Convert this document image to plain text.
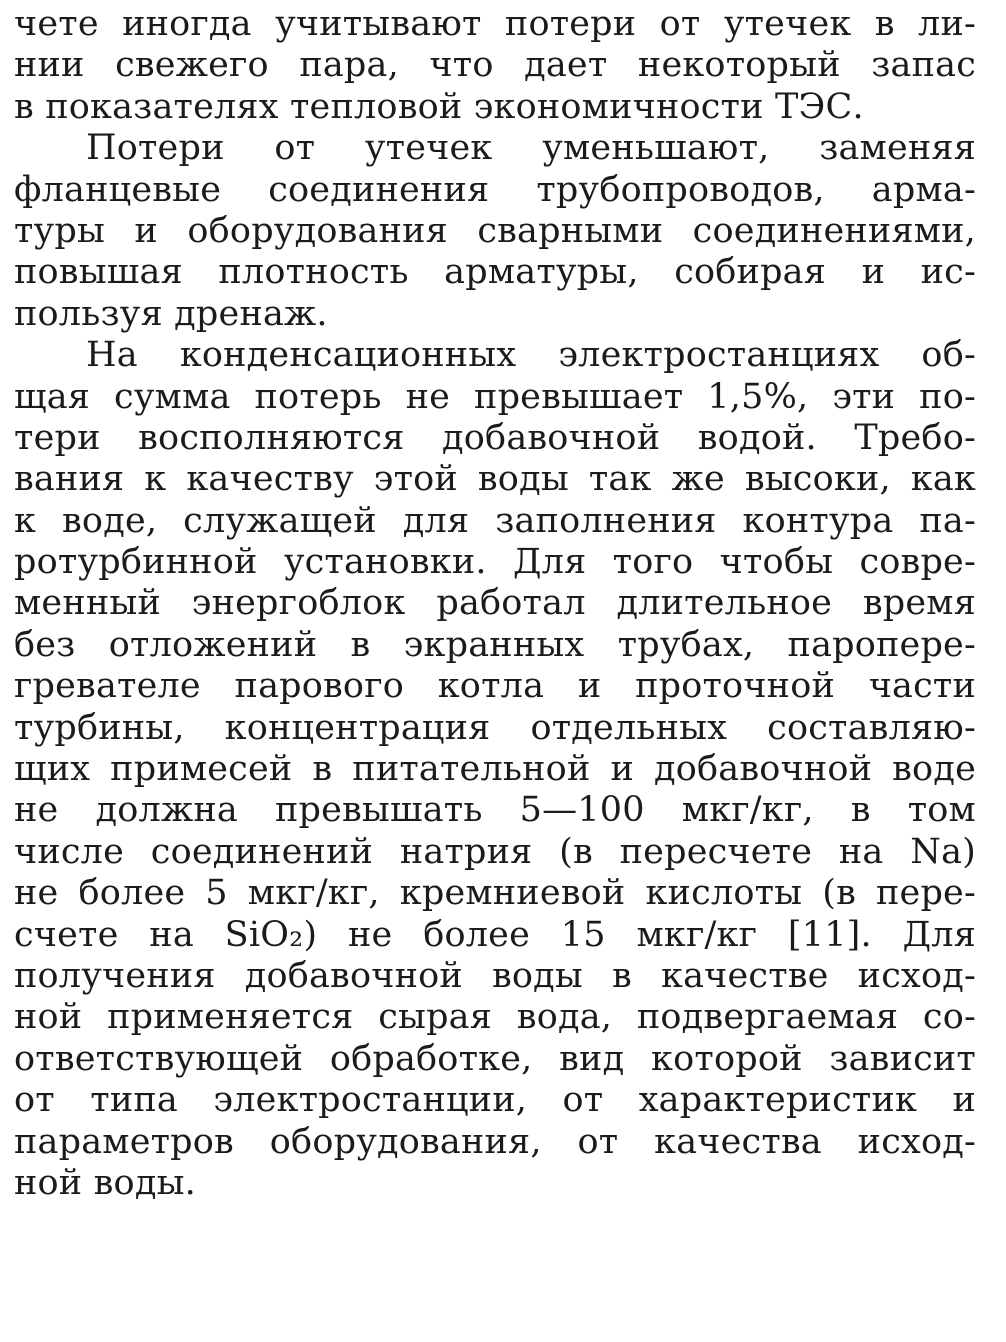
чете иногда учитывают потери от утечек в ли-
нии свежего пара, что дает некоторый запас
в показателях тепловой экономичности ТЭС.
Потери от утечек уменьшают, заменяя
фланцевые соединения трубопроводов, арма-
туры и оборудования сварными соединениями,
повышая плотность арматуры, собирая и ис-
пользуя дренаж.
На конденсационных электростанциях об-
щая сумма потерь не превышает 1,5%, эти по-
тери восполняются добавочной водой. Требо-
вания к качеству этой воды так же высоки, как
к воде, служащей для заполнения контура па-
ротурбинной установки. Для того чтобы совре-
менный энергоблок работал длительное время
без отложений в экранных трубах, паропере-
гревателе парового котла и проточной части
турбины, концентрация отдельных составляю-
щих примесей в питательной и добавочной воде
не должна превышать 5—100 мкг/кг, в том
числе соединений натрия (в пересчете на Na)
не более 5 мкг/кг, кремниевой кислоты (в пере-
счете на SiO₂) не более 15 мкг/кг [11]. Для
получения добавочной воды в качестве исход-
ной применяется сырая вода, подвергаемая со-
ответствующей обработке, вид которой зависит
от типа электростанции, от характеристик и
параметров оборудования, от качества исход-
ной воды.
